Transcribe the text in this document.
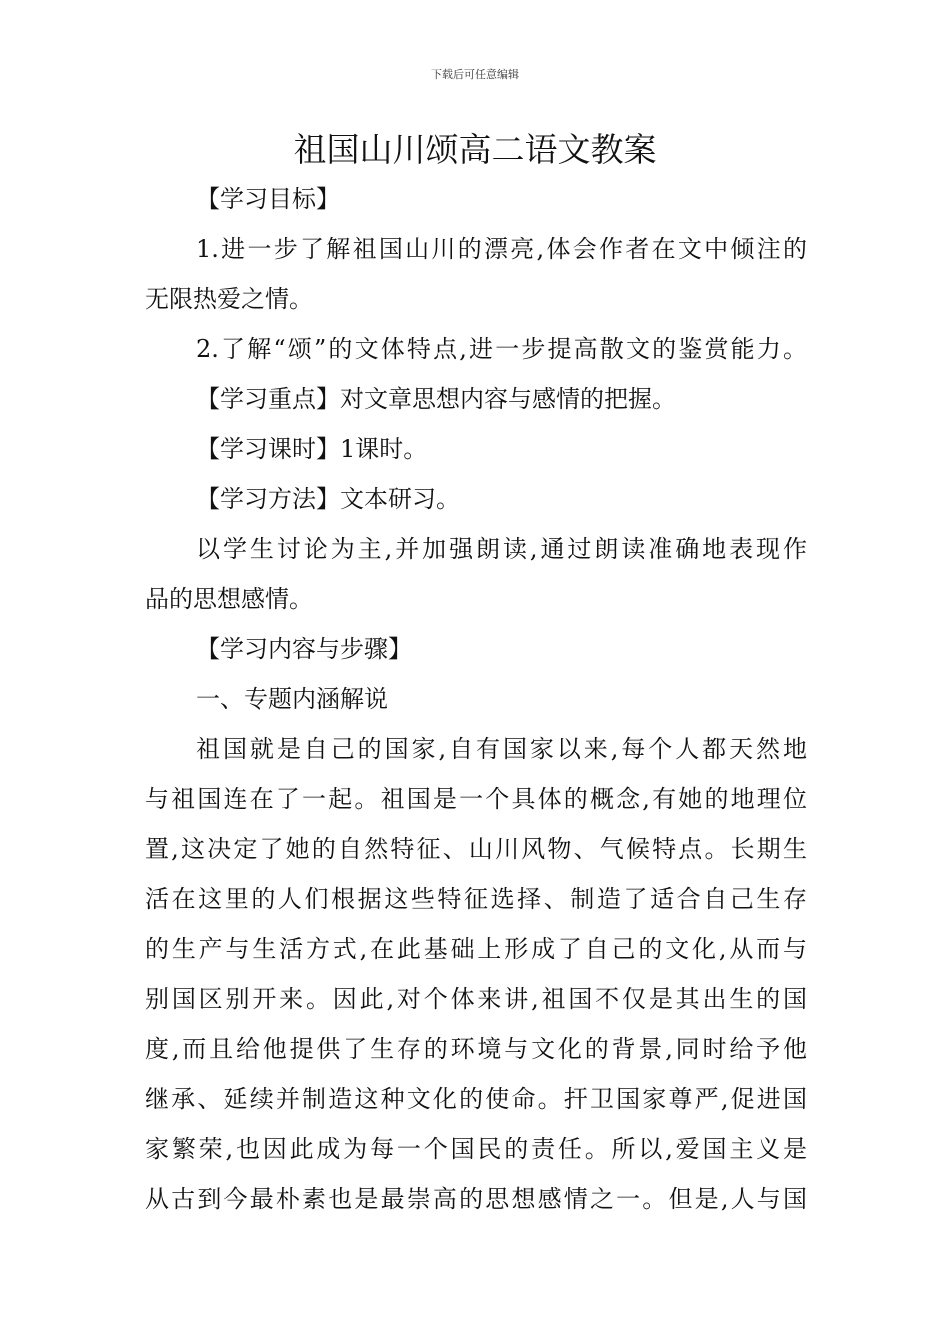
下载后可任意编辑
祖国山川颂高二语文教案
【学习目标】
1.进一步了解祖国山川的漂亮,体会作者在文中倾注的
无限热爱之情。
2.了解“颂”的文体特点,进一步提高散文的鉴赏能力。
【学习重点】对文章思想内容与感情的把握。
【学习课时】1课时。
【学习方法】文本研习。
以学生讨论为主,并加强朗读,通过朗读准确地表现作
品的思想感情。
【学习内容与步骤】
一、专题内涵解说
祖国就是自己的国家,自有国家以来,每个人都天然地
与祖国连在了一起。祖国是一个具体的概念,有她的地理位
置,这决定了她的自然特征、山川风物、气候特点。长期生
活在这里的人们根据这些特征选择、制造了适合自己生存
的生产与生活方式,在此基础上形成了自己的文化,从而与
别国区别开来。因此,对个体来讲,祖国不仅是其出生的国
度,而且给他提供了生存的环境与文化的背景,同时给予他
继承、延续并制造这种文化的使命。扞卫国家尊严,促进国
家繁荣,也因此成为每一个国民的责任。所以,爱国主义是
从古到今最朴素也是最崇高的思想感情之一。但是,人与国
